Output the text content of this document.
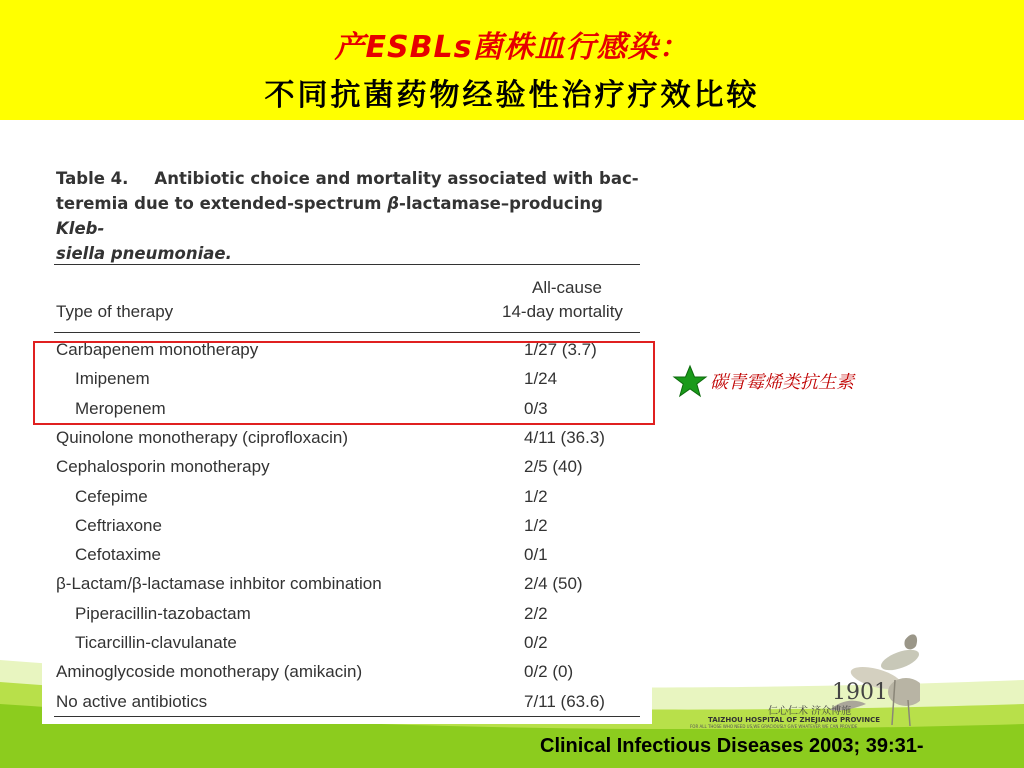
产ESBLs菌株血行感染：
不同抗菌药物经验性治疗疗效比较
Table 4. Antibiotic choice and mortality associated with bac-
teremia due to extended-spectrum β-lactamase–producing Kleb-
siella pneumoniae.
Type of therapy
All-cause
14-day mortality
Carbapenem monotherapy	1/27 (3.7)
Imipenem	1/24
Meropenem	0/3
Quinolone monotherapy (ciprofloxacin)	4/11 (36.3)
Cephalosporin monotherapy	2/5 (40)
Cefepime	1/2
Ceftriaxone	1/2
Cefotaxime	0/1
β-Lactam/β-lactamase inhbitor combination	2/4 (50)
Piperacillin-tazobactam	2/2
Ticarcillin-clavulanate	0/2
Aminoglycoside monotherapy (amikacin)	0/2 (0)
No active antibiotics	7/11 (63.6)
碳青霉烯类抗生素
1901
仁心仁术 济众博施
TAIZHOU HOSPITAL OF ZHEJIANG PROVINCE
FOR ALL THOSE WHO NEED US,WE GRACIOUSLY GIVE WHATEVER WE CAN PROVIDE
Clinical Infectious Diseases 2003; 39:31-
